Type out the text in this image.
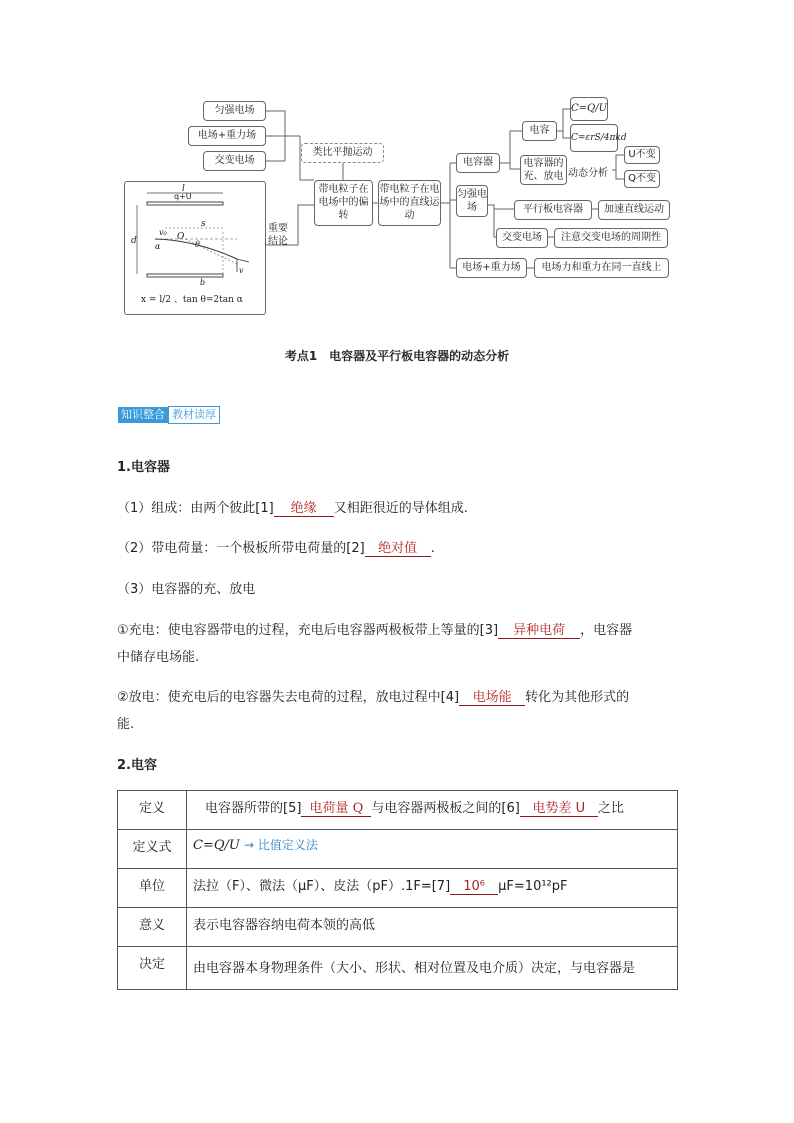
匀强电场
电场+重力场
交变电场
类比平抛运动
带电粒子在电场中的偏转
带电粒子在电场中的直线运动
重要结论
l
q+U
s
d
v₀ O
α	θ
v
b
x = l/2 、tan θ=2tan α
电容器
匀强电场
电容
C=Q/U
C=εrS/4πkd
电容器的充、放电 动态分析
U不变
Q不变
平行板电容器	加速直线运动
交变电场	注意交变电场的周期性
电场+重力场	电场力和重力在同一直线上
考点1　电容器及平行板电容器的动态分析
知识整合 教材读厚
1.电容器
（1）组成：由两个彼此[1] 绝缘 又相距很近的导体组成.
（2）带电荷量：一个极板所带电荷量的[2] 绝对值 .
（3）电容器的充、放电
①充电：使电容器带电的过程，充电后电容器两极板带上等量的[3] 异种电荷 ，电容器
中储存电场能.
②放电：使充电后的电容器失去电荷的过程，放电过程中[4] 电场能 转化为其他形式的
能.
2.电容
定义	电容器所带的[5] 电荷量 Q 与电容器两极板之间的[6] 电势差 U 之比
定义式	C=Q/U → 比值定义法
单位	法拉（F）、微法（μF）、皮法（pF）.1F=[7] 10⁶ μF=10¹²pF
意义	表示电容器容纳电荷本领的高低
决定	由电容器本身物理条件（大小、形状、相对位置及电介质）决定，与电容器是
